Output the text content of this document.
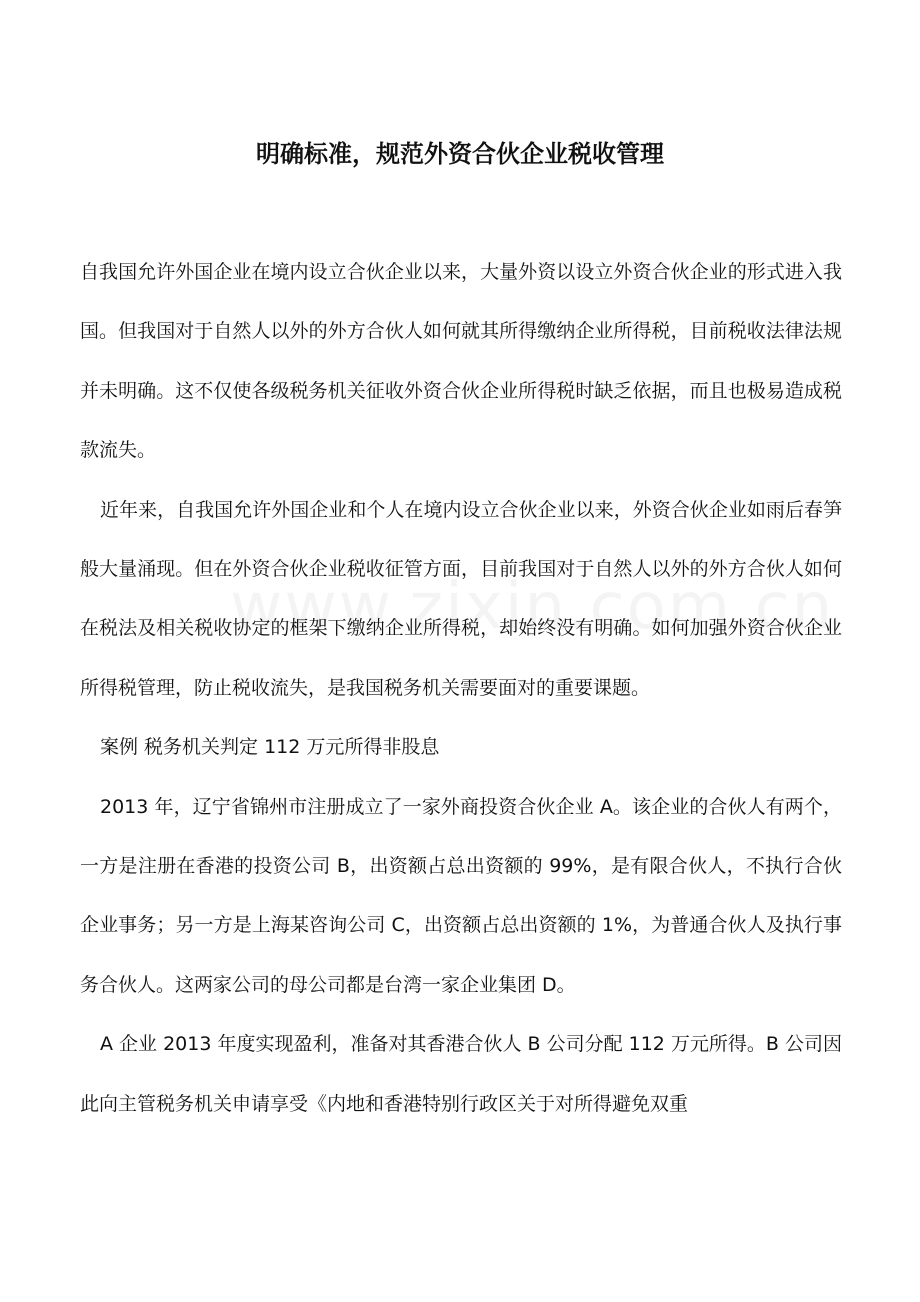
明确标准，规范外资合伙企业税收管理

自我国允许外国企业在境内设立合伙企业以来，大量外资以设立外资合伙企业的形式进入我国。但我国对于自然人以外的外方合伙人如何就其所得缴纳企业所得税，目前税收法律法规并未明确。这不仅使各级税务机关征收外资合伙企业所得税时缺乏依据，而且也极易造成税款流失。

近年来，自我国允许外国企业和个人在境内设立合伙企业以来，外资合伙企业如雨后春笋般大量涌现。但在外资合伙企业税收征管方面，目前我国对于自然人以外的外方合伙人如何在税法及相关税收协定的框架下缴纳企业所得税，却始终没有明确。如何加强外资合伙企业所得税管理，防止税收流失，是我国税务机关需要面对的重要课题。

案例 税务机关判定 112 万元所得非股息

2013 年，辽宁省锦州市注册成立了一家外商投资合伙企业 A。该企业的合伙人有两个，一方是注册在香港的投资公司 B，出资额占总出资额的 99%，是有限合伙人，不执行合伙企业事务；另一方是上海某咨询公司 C，出资额占总出资额的 1%，为普通合伙人及执行事务合伙人。这两家公司的母公司都是台湾一家企业集团 D。

A 企业 2013 年度实现盈利，准备对其香港合伙人 B 公司分配 112 万元所得。B 公司因此向主管税务机关申请享受《内地和香港特别行政区关于对所得避免双重
